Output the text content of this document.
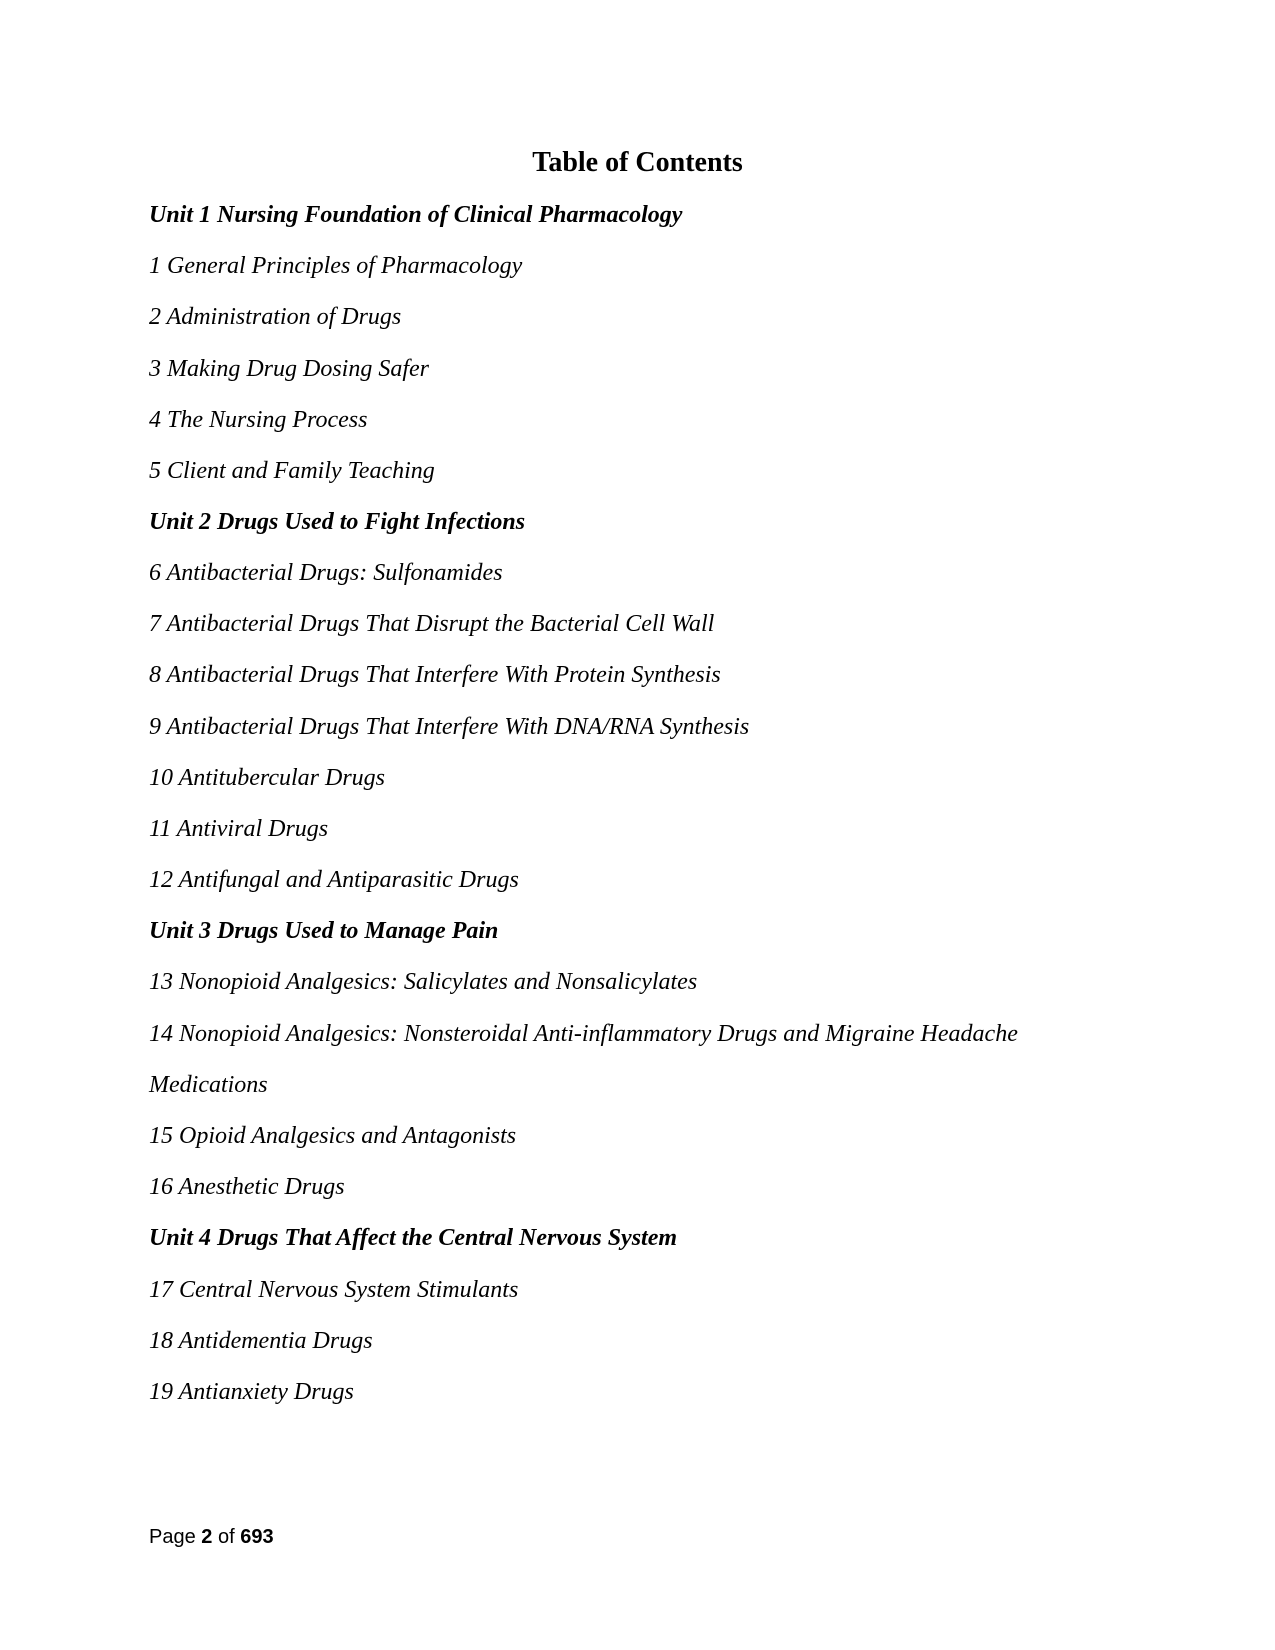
Table of Contents
Unit 1 Nursing Foundation of Clinical Pharmacology
1 General Principles of Pharmacology
2 Administration of Drugs
3 Making Drug Dosing Safer
4 The Nursing Process
5 Client and Family Teaching
Unit 2 Drugs Used to Fight Infections
6 Antibacterial Drugs: Sulfonamides
7 Antibacterial Drugs That Disrupt the Bacterial Cell Wall
8 Antibacterial Drugs That Interfere With Protein Synthesis
9 Antibacterial Drugs That Interfere With DNA/RNA Synthesis
10 Antitubercular Drugs
11 Antiviral Drugs
12 Antifungal and Antiparasitic Drugs
Unit 3 Drugs Used to Manage Pain
13 Nonopioid Analgesics: Salicylates and Nonsalicylates
14 Nonopioid Analgesics: Nonsteroidal Anti-inflammatory Drugs and Migraine Headache
Medications
15 Opioid Analgesics and Antagonists
16 Anesthetic Drugs
Unit 4 Drugs That Affect the Central Nervous System
17 Central Nervous System Stimulants
18 Antidementia Drugs
19 Antianxiety Drugs
Page 2 of 693
